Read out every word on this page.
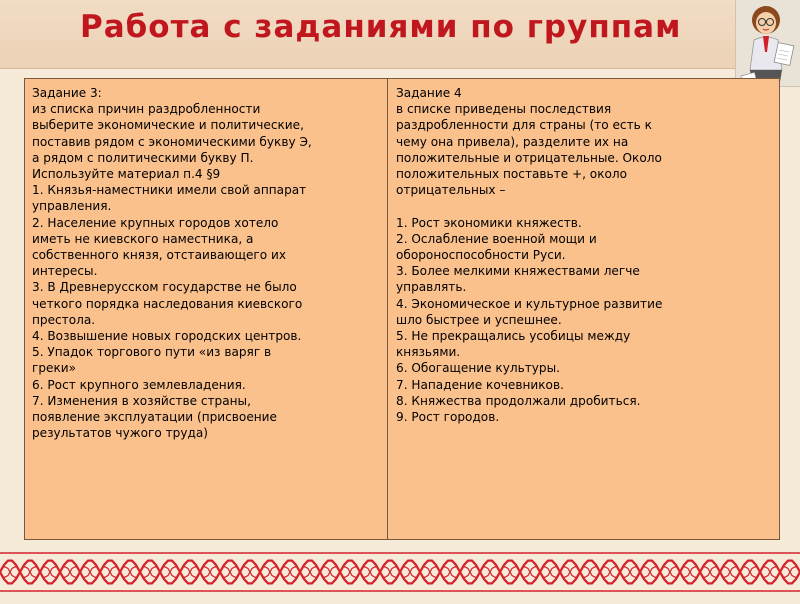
Работа с заданиями по группам
Задание 3:
из списка причин раздробленности
выберите экономические и политические,
поставив рядом с экономическими букву Э,
а рядом с политическими букву П.
Используйте материал п.4 §9
1. Князья-наместники имели свой аппарат
управления.
2. Население крупных городов хотело
иметь не киевского наместника, а
собственного князя, отстаивающего их
интересы.
3. В Древнерусском государстве не было
четкого порядка наследования киевского
престола.
4. Возвышение новых городских центров.
5. Упадок торгового пути «из варяг в
греки»
6. Рост крупного землевладения.
7. Изменения в хозяйстве страны,
появление эксплуатации (присвоение
результатов чужого труда)
Задание 4
в списке приведены последствия
раздробленности для страны (то есть к
чему она привела), разделите их на
положительные и отрицательные. Около
положительных поставьте +, около
отрицательных –
1. Рост экономики княжеств.
2. Ослабление военной мощи и
обороноспособности Руси.
3. Более мелкими княжествами легче
управлять.
4. Экономическое и культурное развитие
шло быстрее и успешнее.
5. Не прекращались усобицы между
князьями.
6. Обогащение культуры.
7. Нападение кочевников.
8. Княжества продолжали дробиться.
9. Рост городов.
